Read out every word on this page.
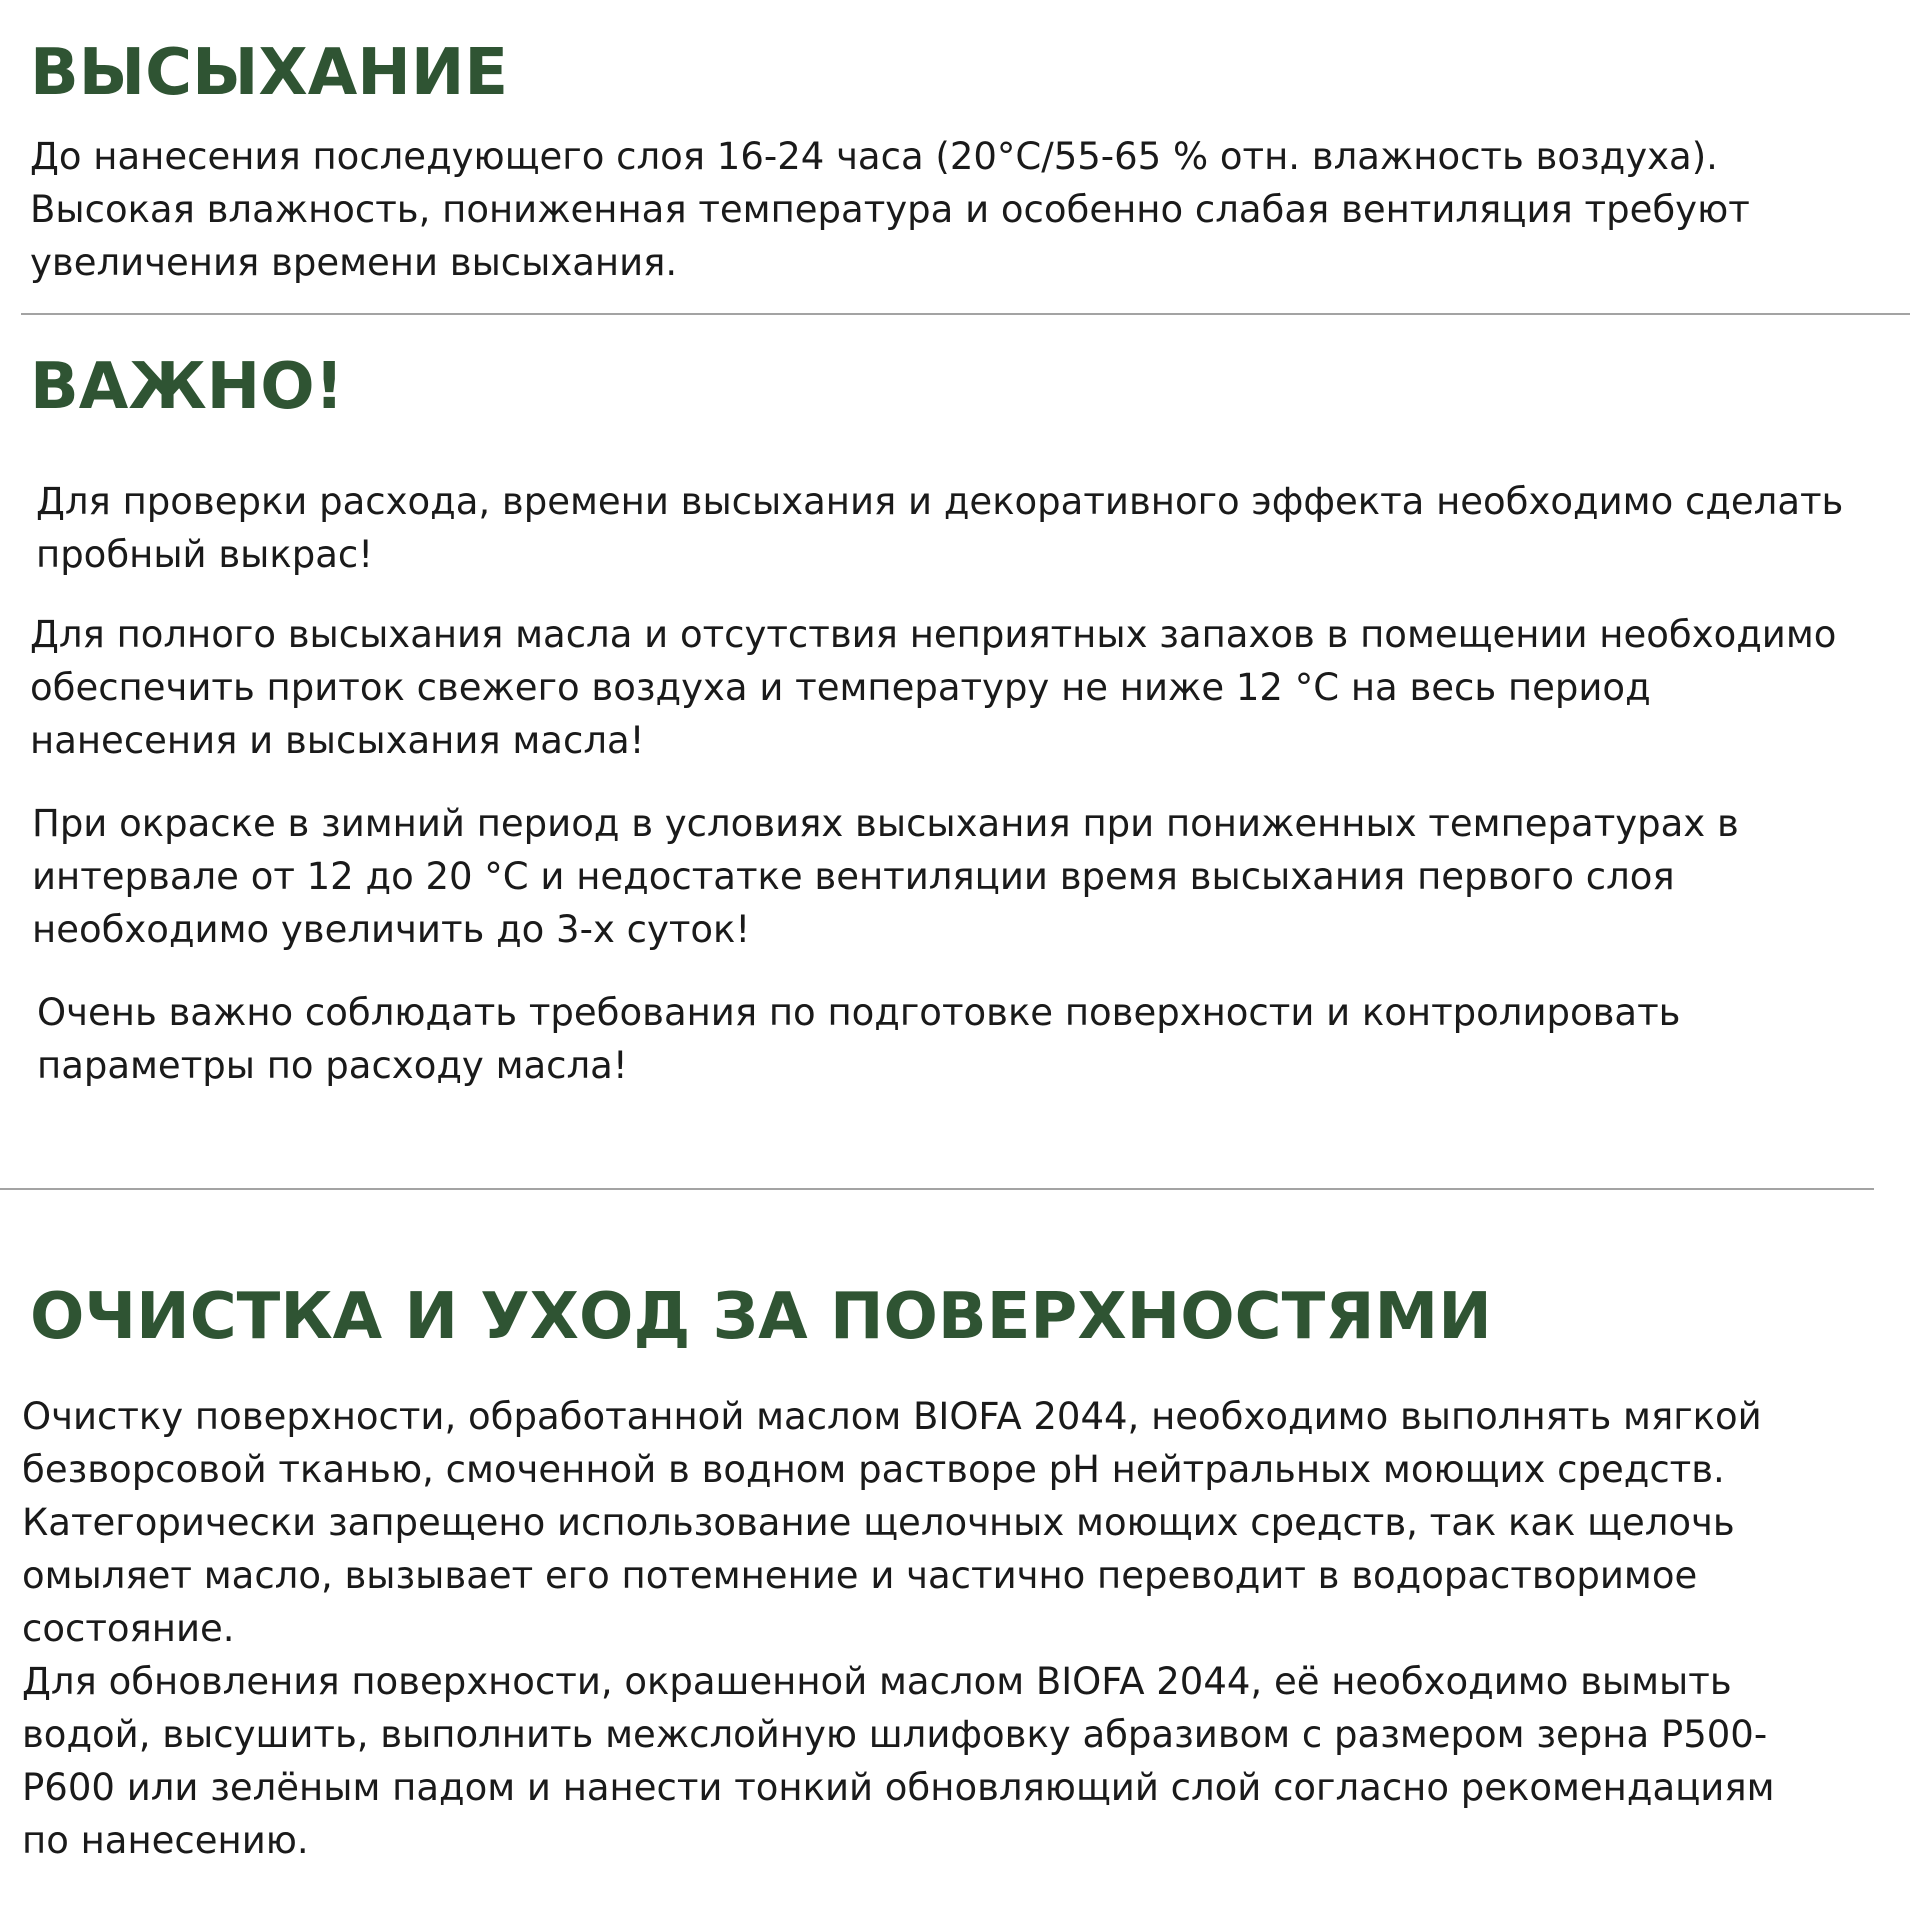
ВЫСЫХАНИЕ
До нанесения последующего слоя 16-24 часа (20°С/55-65 % отн. влажность воздуха).
Высокая влажность, пониженная температура и особенно слабая вентиляция требуют
увеличения времени высыхания.
ВАЖНО!
Для проверки расхода, времени высыхания и декоративного эффекта необходимо сделать
пробный выкрас!
Для полного высыхания масла и отсутствия неприятных запахов в помещении необходимо
обеспечить приток свежего воздуха и температуру не ниже 12 °С на весь период
нанесения и высыхания масла!
При окраске в зимний период в условиях высыхания при пониженных температурах в
интервале от 12 до 20 °С и недостатке вентиляции время высыхания первого слоя
необходимо увеличить до 3-х суток!
Очень важно соблюдать требования по подготовке поверхности и контролировать
параметры по расходу масла!
ОЧИСТКА И УХОД ЗА ПОВЕРХНОСТЯМИ
Очистку поверхности, обработанной маслом BIOFA 2044, необходимо выполнять мягкой
безворсовой тканью, смоченной в водном растворе pH нейтральных моющих средств.
Категорически запрещено использование щелочных моющих средств, так как щелочь
омыляет масло, вызывает его потемнение и частично переводит в водорастворимое
состояние.
Для обновления поверхности, окрашенной маслом BIOFA 2044, её необходимо вымыть
водой, высушить, выполнить межслойную шлифовку абразивом с размером зерна Р500-
Р600 или зелёным падом и нанести тонкий обновляющий слой согласно рекомендациям
по нанесению.
